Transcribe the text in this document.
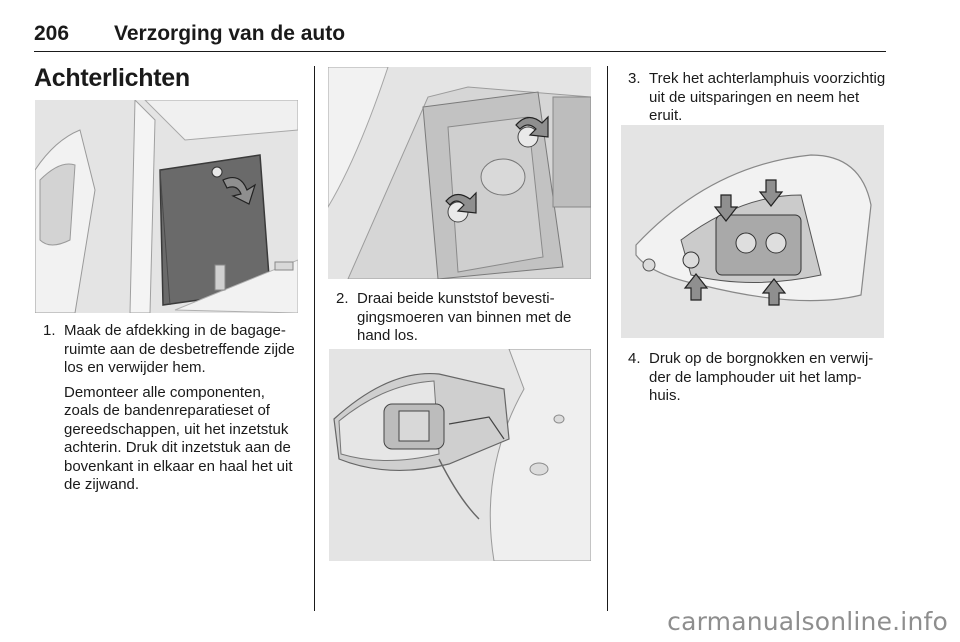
206 Verzorging van de auto
Achterlichten
1. Maak de afdekking in de bagageruimte aan de desbetreffende zijde los en verwijder hem.

Demonteer alle componenten, zoals de bandenreparatieset of gereedschappen, uit het inzetstuk achterin. Druk dit inzetstuk aan de bovenkant in elkaar en haal het uit de zijwand.

2. Draai beide kunststof bevestigingsmoeren van binnen met de hand los.

3. Trek het achterlamphuis voorzichtig uit de uitsparingen en neem het eruit.

4. Druk op de borgnokken en verwijder de lamphouder uit het lamphuis.

carmanualsonline.info
